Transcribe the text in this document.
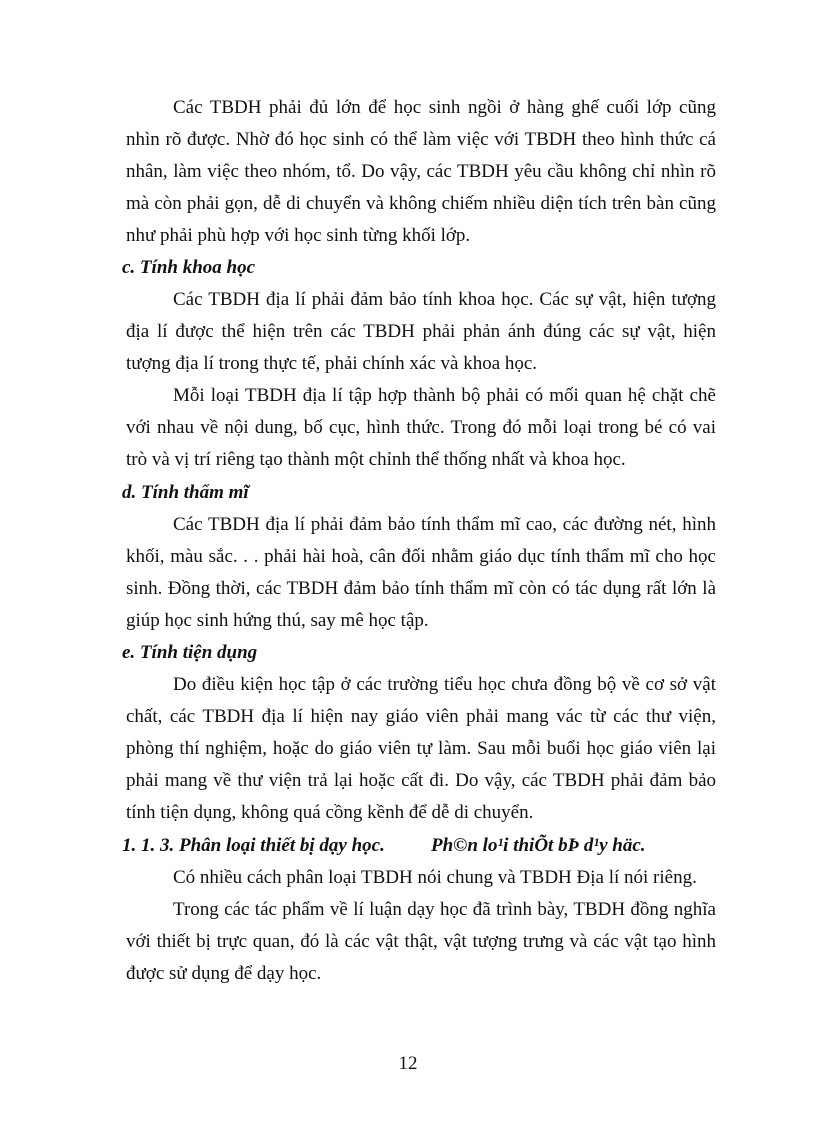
Các TBDH phải đủ lớn để học sinh ngồi ở hàng ghế cuối lớp cũng
nhìn rõ được. Nhờ đó học sinh có thể làm việc với TBDH theo hình thức cá
nhân, làm việc theo nhóm, tổ. Do vậy, các TBDH yêu cầu không chỉ nhìn rõ
mà còn phải gọn, dễ di chuyển và không chiếm nhiều diện tích trên bàn cũng
như phải phù hợp với học sinh từng khối lớp.
c. Tính khoa học
Các TBDH địa lí phải đảm bảo tính khoa học. Các sự vật, hiện tượng
địa lí được thể hiện trên các TBDH phải phản ánh đúng các sự vật, hiện
tượng địa lí trong thực tế, phải chính xác và khoa học.
Mỗi loại TBDH địa lí tập hợp thành bộ phải có mối quan hệ chặt chẽ
với nhau về nội dung, bố cục, hình thức. Trong đó mỗi loại trong bé có vai
trò và vị trí riêng tạo thành một chỉnh thể thống nhất và khoa học.
d. Tính thẩm mĩ
Các TBDH địa lí phải đảm bảo tính thẩm mĩ cao, các đường nét, hình
khối, màu sắc. . . phải hài hoà, cân đối nhằm giáo dục tính thẩm mĩ cho học
sinh. Đồng thời, các TBDH đảm bảo tính thẩm mĩ còn có tác dụng rất lớn là
giúp học sinh hứng thú, say mê học tập.
e. Tính tiện dụng
Do điều kiện học tập ở các trường tiểu học chưa đồng bộ về cơ sở vật
chất, các TBDH địa lí hiện nay giáo viên phải mang vác từ các thư viện,
phòng thí nghiệm, hoặc do giáo viên tự làm. Sau mỗi buổi học giáo viên lại
phải mang về thư viện trả lại hoặc cất đi. Do vậy, các TBDH phải đảm bảo
tính tiện dụng, không quá cồng kềnh để dễ di chuyển.
1. 1. 3. Phân loại thiết bị dạy học. Ph©n lo¹i thiÕt bÞ d¹y häc.
Có nhiều cách phân loại TBDH nói chung và TBDH Địa lí nói riêng.
Trong các tác phẩm về lí luận dạy học đã trình bày, TBDH đồng nghĩa
với thiết bị trực quan, đó là các vật thật, vật tượng trưng và các vật tạo hình
được sử dụng để dạy học.
12
